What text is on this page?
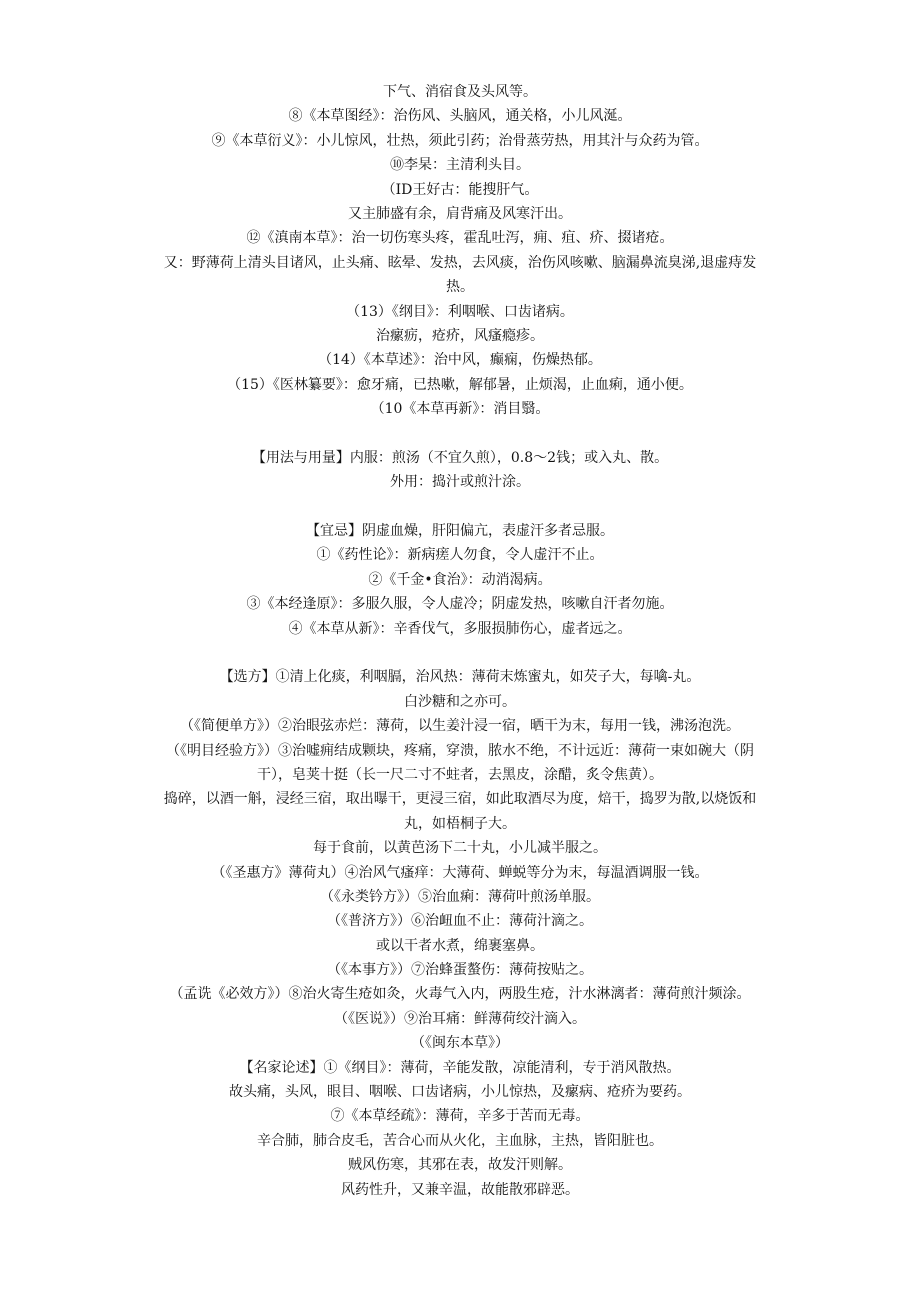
下气、消宿食及头风等。
⑧《本草图经》：治伤风、头脑风，通关格，小儿风涎。
⑨《本草衍义》：小儿惊风，壮热，须此引药；治骨蒸劳热，用其汁与众药为管。
⑩李杲：主清利头目。
（ID王好古：能搜肝气。
又主肺盛有余，肩背痛及风寒汗出。
⑫《滇南本草》：治一切伤寒头疼，霍乱吐泻，痈、疽、疥、掇诸疮。
又：野薄荷上清头目诸风，止头痛、眩晕、发热，去风痰，治伤风咳嗽、脑漏鼻流臭涕,退虚痔发
热。
（13）《纲目》：利咽喉、口齿诸病。
治瘰疬，疮疥，风瘙瘾疹。
（14）《本草述》：治中风，癫痫，伤燥热郁。
（15）《医林纂要》：愈牙痛，已热嗽，解郁暑，止烦渴，止血痢，通小便。
（10《本草再新》：消目翳。
【用法与用量】内服：煎汤（不宜久煎），0.8〜2钱；或入丸、散。
外用：捣汁或煎汁涂。
【宜忌】阴虚血燥，肝阳偏亢，表虚汗多者忌服。
①《药性论》：新病瘥人勿食，令人虚汗不止。
②《千金•食治》：动消渴病。
③《本经逢原》：多服久服，令人虚冷；阴虚发热，咳嗽自汗者勿施。
④《本草从新》：辛香伐气，多服损肺伤心，虚者远之。
【选方】①清上化痰，利咽膈，治风热：薄荷末炼蜜丸，如芡子大，每噙-丸。
白沙糖和之亦可。
（《简便单方》）②治眼弦赤烂：薄荷，以生姜汁浸一宿，晒干为末，每用一钱，沸汤泡洗。
（《明目经验方》）③治嘘痈结成颗块，疼痛，穿溃，脓水不绝，不计远近：薄荷一束如碗大（阴
干），皂荚十挺（长一尺二寸不蛀者，去黑皮，涂醋，炙令焦黄）。
捣碎，以酒一斛，浸经三宿，取出曝干，更浸三宿，如此取酒尽为度，焙干，捣罗为散,以烧饭和
丸，如梧桐子大。
每于食前，以黄芭汤下二十丸，小儿减半服之。
（《圣惠方》薄荷丸）④治风气瘙痒：大薄荷、蝉蜕等分为末，每温酒调服一钱。
（《永类钤方》）⑤治血痢：薄荷叶煎汤单服。
（《普济方》）⑥治衄血不止：薄荷汁滴之。
或以干者水煮，绵裹塞鼻。
（《本事方》）⑦治蜂蛋螯伤：薄荷按贴之。
（孟诜《必效方》）⑧治火寄生疮如灸，火毒气入内，两股生疮，汁水淋漓者：薄荷煎汁频涂。
（《医说》）⑨治耳痛：鲜薄荷绞汁滴入。
（《闽东本草》）
【名家论述】①《纲目》：薄荷，辛能发散，凉能清利，专于消风散热。
故头痛，头风，眼目、咽喉、口齿诸病，小儿惊热，及瘰病、疮疥为要药。
⑦《本草经疏》：薄荷，辛多于苦而无毒。
辛合肺，肺合皮毛，苦合心而从火化，主血脉，主热，皆阳脏也。
贼风伤寒，其邪在表，故发汗则解。
风药性升，又兼辛温，故能散邪辟恶。
